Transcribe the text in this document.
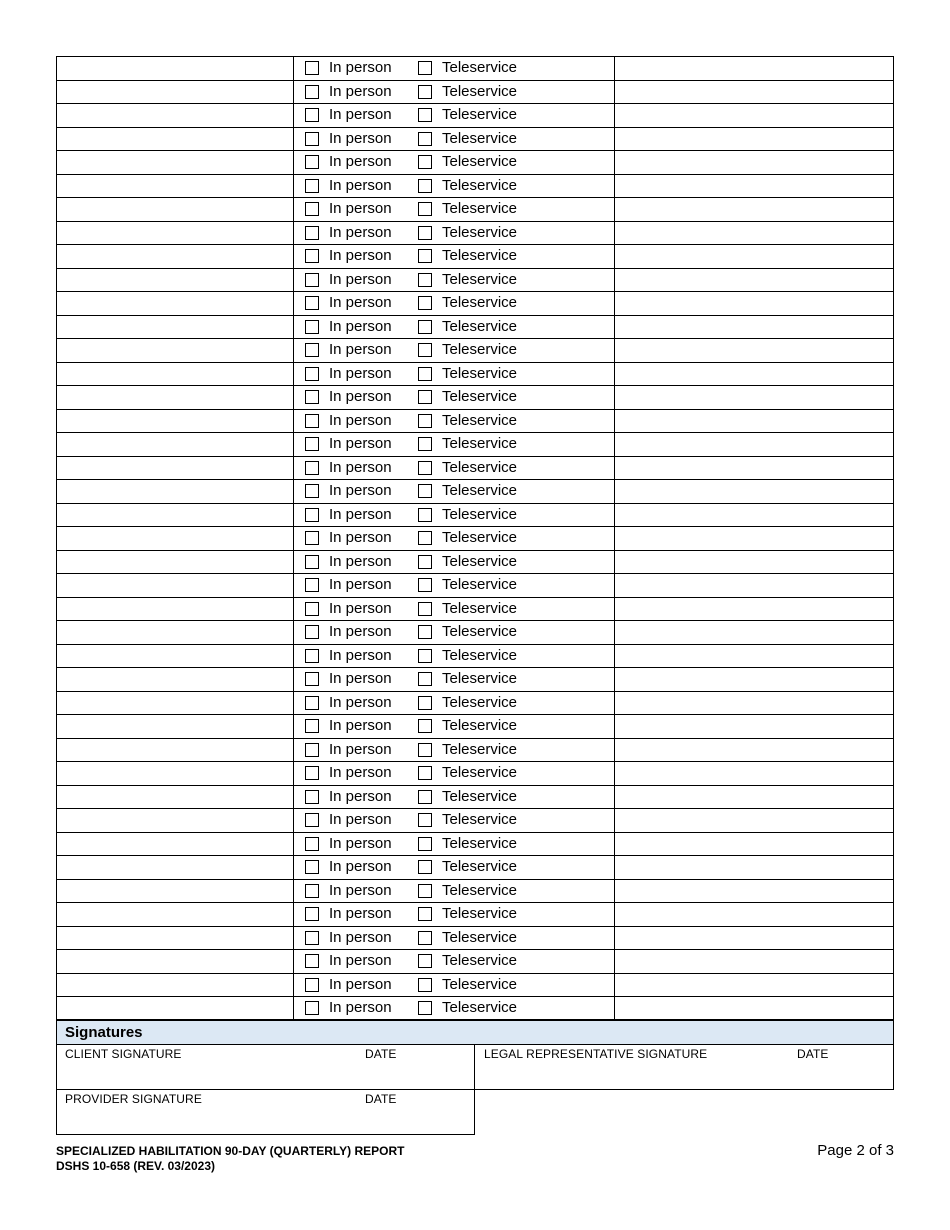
In person	Teleservice
In person	Teleservice
In person	Teleservice
In person	Teleservice
In person	Teleservice
In person	Teleservice
In person	Teleservice
In person	Teleservice
In person	Teleservice
In person	Teleservice
In person	Teleservice
In person	Teleservice
In person	Teleservice
In person	Teleservice
In person	Teleservice
In person	Teleservice
In person	Teleservice
In person	Teleservice
In person	Teleservice
In person	Teleservice
In person	Teleservice
In person	Teleservice
In person	Teleservice
In person	Teleservice
In person	Teleservice
In person	Teleservice
In person	Teleservice
In person	Teleservice
In person	Teleservice
In person	Teleservice
In person	Teleservice
In person	Teleservice
In person	Teleservice
In person	Teleservice
In person	Teleservice
In person	Teleservice
In person	Teleservice
In person	Teleservice
In person	Teleservice
In person	Teleservice
In person	Teleservice
Signatures
CLIENT SIGNATURE	DATE	LEGAL REPRESENTATIVE SIGNATURE	DATE
PROVIDER SIGNATURE	DATE
SPECIALIZED HABILITATION 90-DAY (QUARTERLY) REPORT
DSHS 10-658 (REV. 03/2023)
Page 2 of 3
